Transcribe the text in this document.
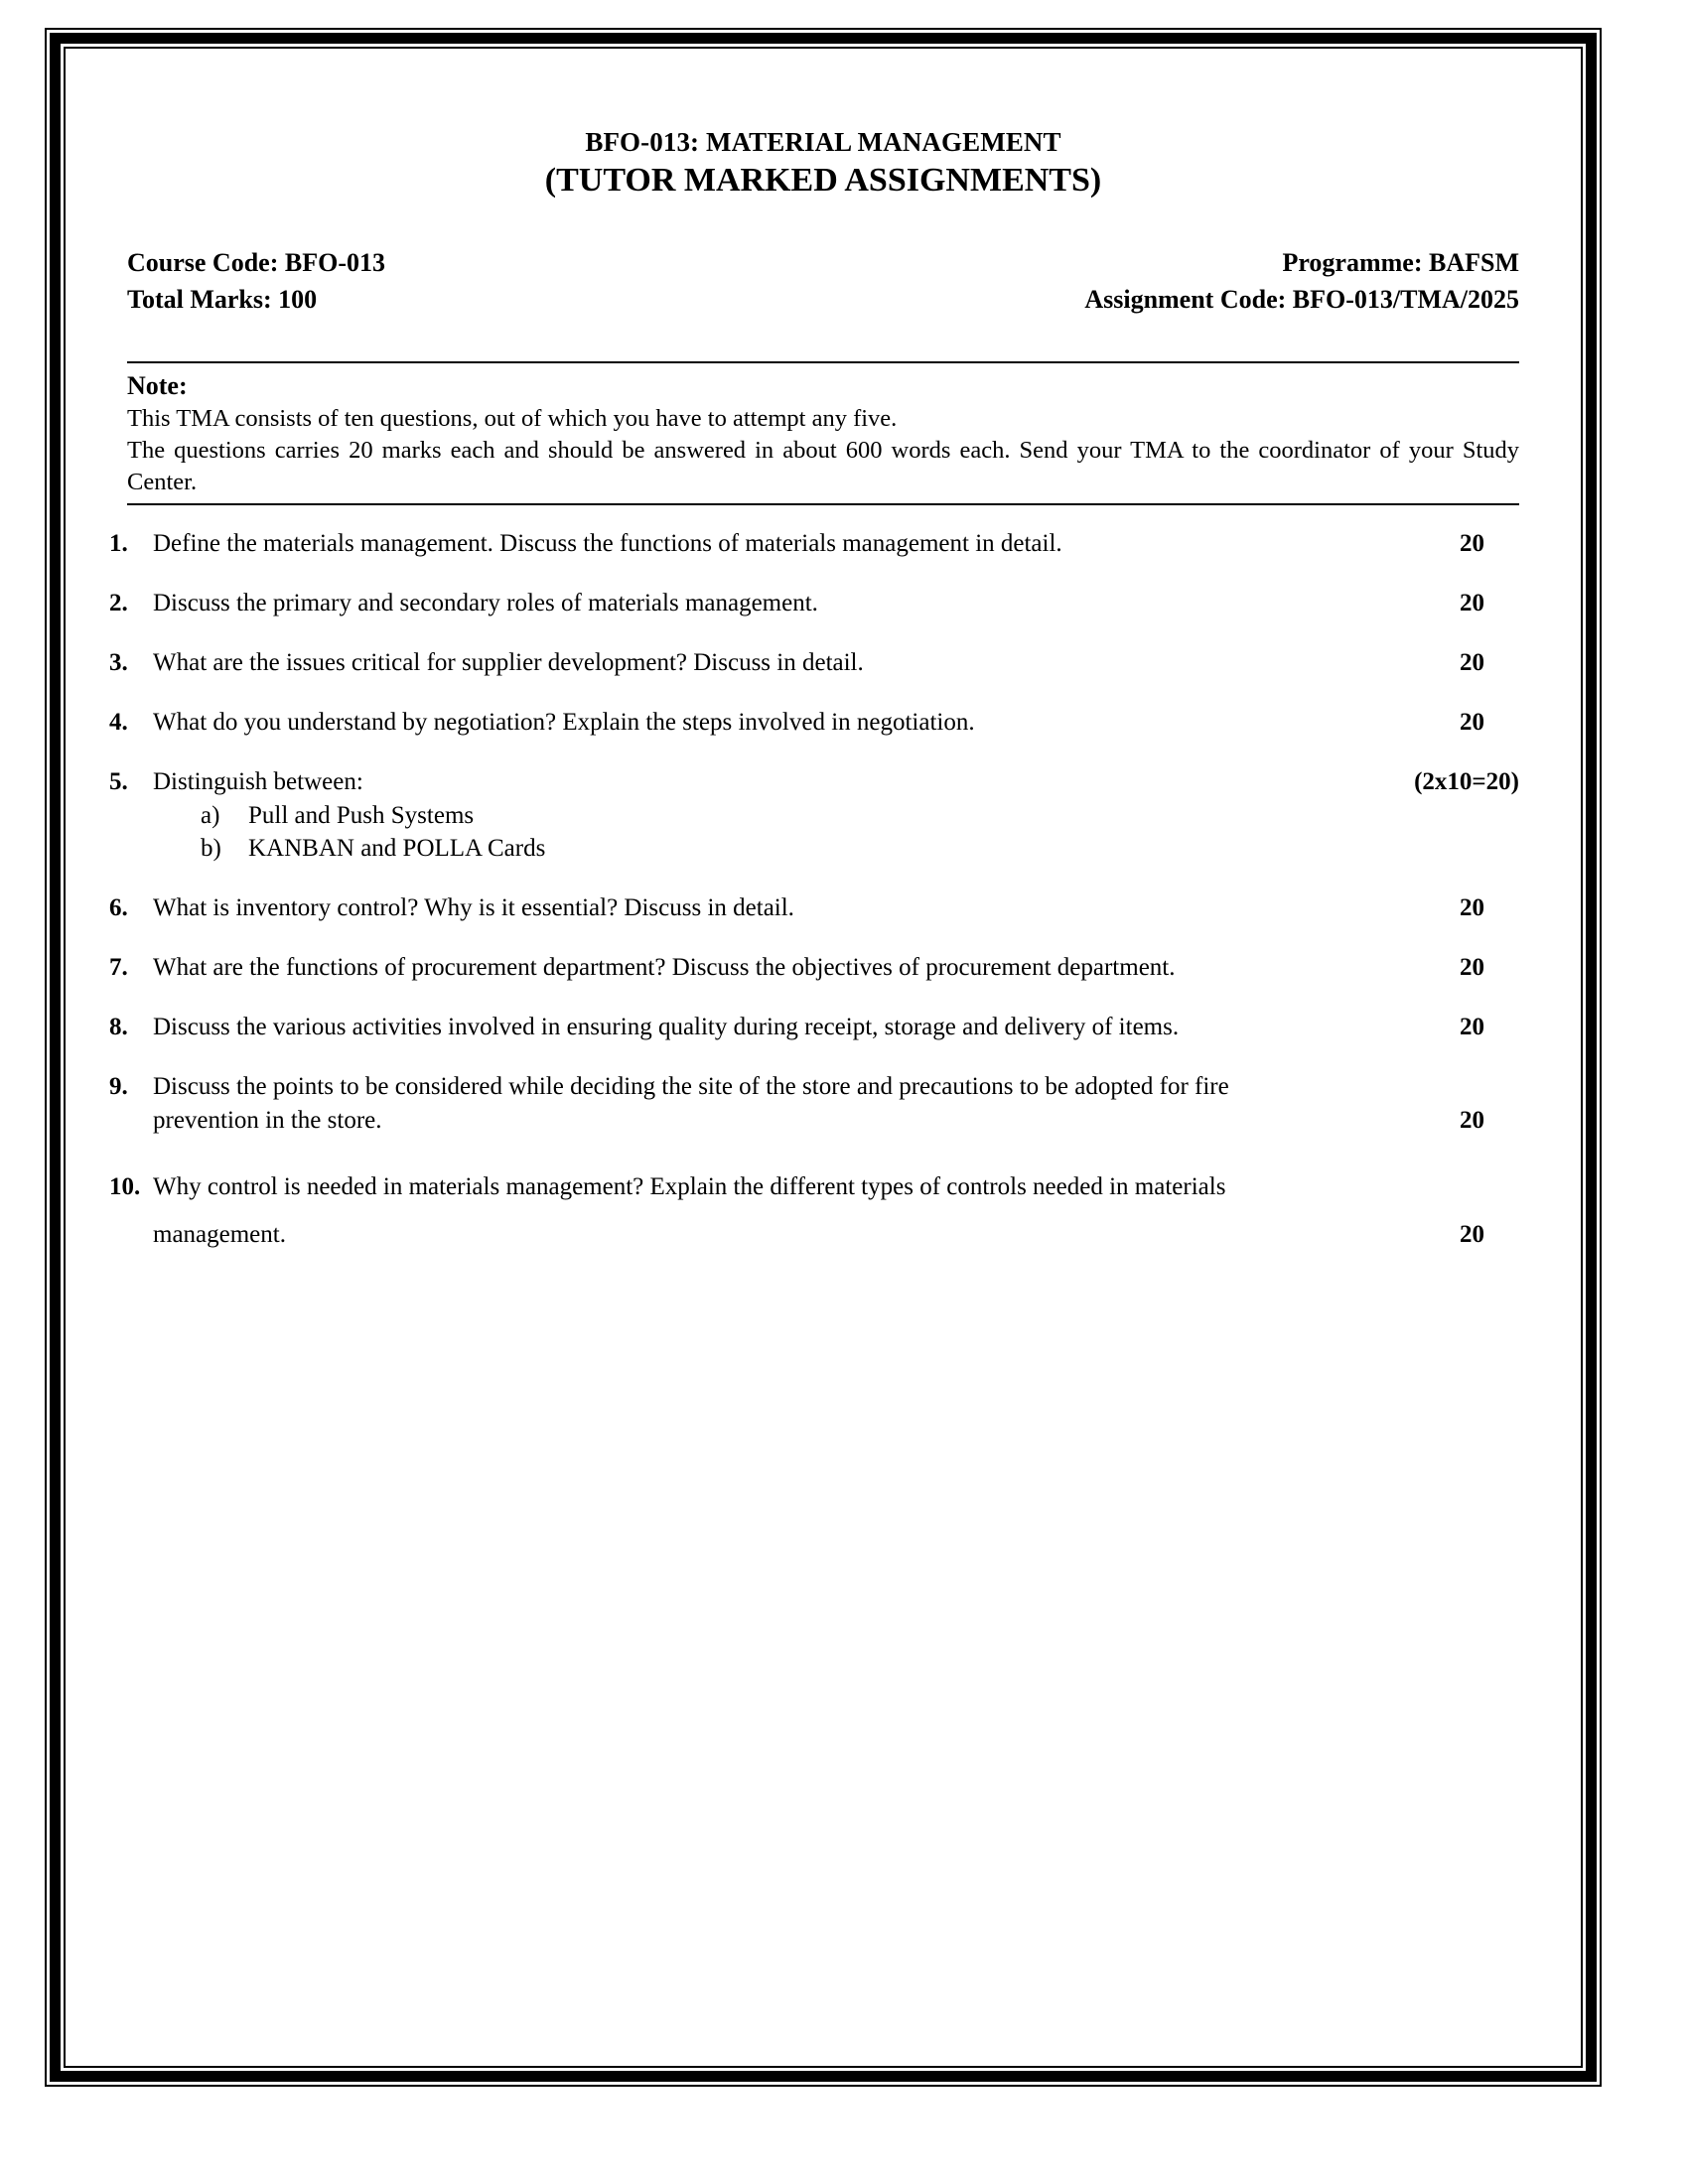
BFO-013: MATERIAL MANAGEMENT
(TUTOR MARKED ASSIGNMENTS)
Course Code: BFO-013	Programme: BAFSM
Total Marks: 100	Assignment Code: BFO-013/TMA/2025
Note:

This TMA consists of ten questions, out of which you have to attempt any five.

The questions carries 20 marks each and should be answered in about 600 words each. Send your TMA to the coordinator of your Study Center.

1.	Define the materials management. Discuss the functions of materials management in detail.	20
2.	Discuss the primary and secondary roles of materials management.	20
3.	What are the issues critical for supplier development? Discuss in detail.	20
4.	What do you understand by negotiation? Explain the steps involved in negotiation.	20
5.	Distinguish between:	(2x10=20)
a)	Pull and Push Systems
b)	KANBAN and POLLA Cards
6.	What is inventory control? Why is it essential? Discuss in detail.	20
7.	What are the functions of procurement department? Discuss the objectives of procurement department.	20
8.	Discuss the various activities involved in ensuring quality during receipt, storage and delivery of items.	20
9.	Discuss the points to be considered while deciding the site of the store and precautions to be adopted for fire prevention in the store.	20
10. Why control is needed in materials management? Explain the different types of controls needed in materials management.	20
